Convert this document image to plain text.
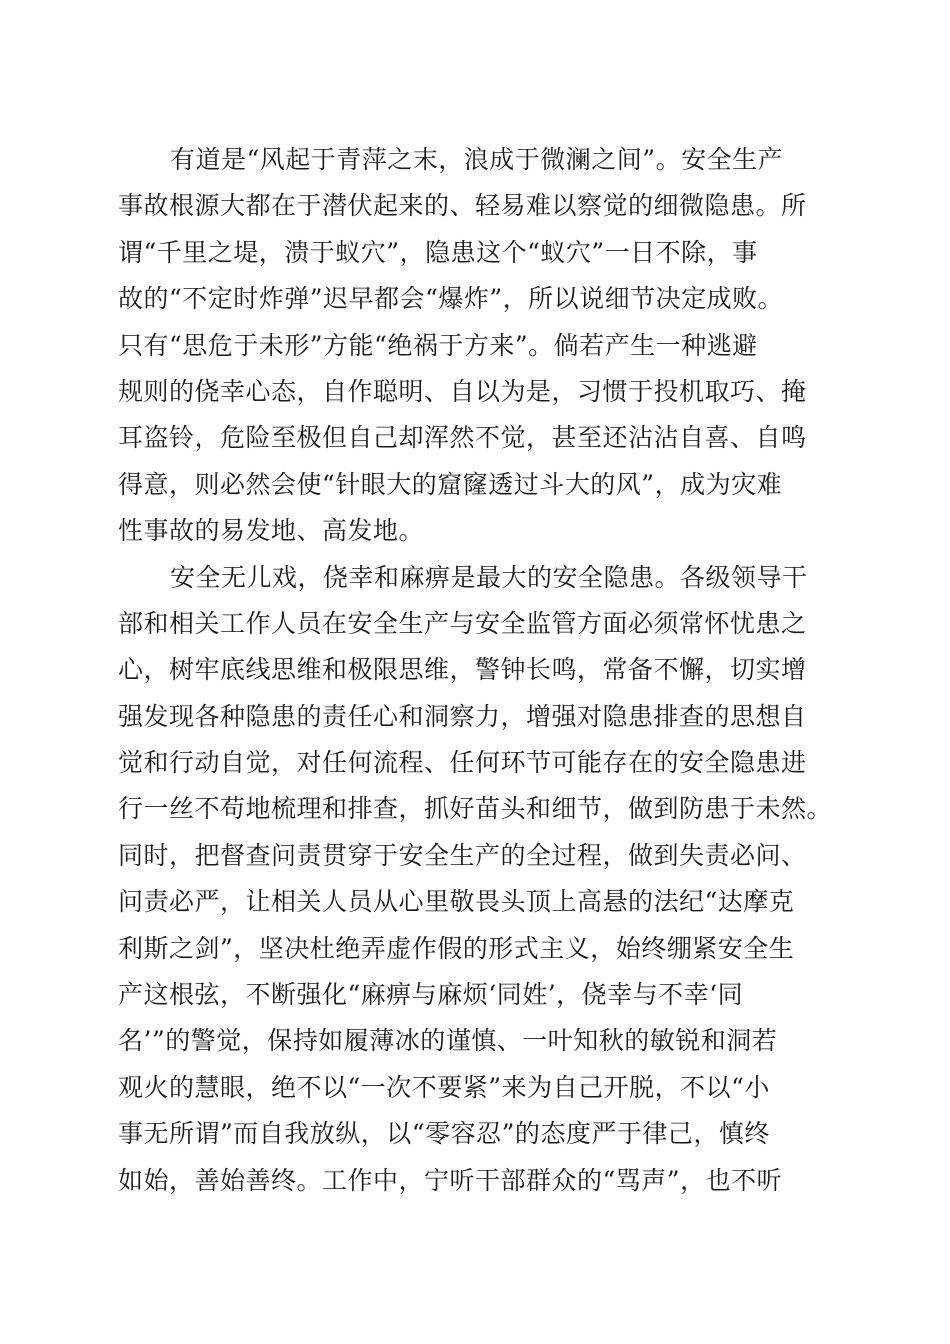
有道是“风起于青萍之末，浪成于微澜之间”。安全生产
事故根源大都在于潜伏起来的、轻易难以察觉的细微隐患。所
谓“千里之堤，溃于蚁穴”，隐患这个“蚁穴”一日不除，事
故的“不定时炸弹”迟早都会“爆炸”，所以说细节决定成败。
只有“思危于未形”方能“绝祸于方来”。倘若产生一种逃避
规则的侥幸心态，自作聪明、自以为是，习惯于投机取巧、掩
耳盗铃，危险至极但自己却浑然不觉，甚至还沾沾自喜、自鸣
得意，则必然会使“针眼大的窟窿透过斗大的风”，成为灾难
性事故的易发地、高发地。
安全无儿戏，侥幸和麻痹是最大的安全隐患。各级领导干
部和相关工作人员在安全生产与安全监管方面必须常怀忧患之
心，树牢底线思维和极限思维，警钟长鸣，常备不懈，切实增
强发现各种隐患的责任心和洞察力，增强对隐患排查的思想自
觉和行动自觉，对任何流程、任何环节可能存在的安全隐患进
行一丝不苟地梳理和排查，抓好苗头和细节，做到防患于未然。
同时，把督查问责贯穿于安全生产的全过程，做到失责必问、
问责必严，让相关人员从心里敬畏头顶上高悬的法纪“达摩克
利斯之剑”，坚决杜绝弄虚作假的形式主义，始终绷紧安全生
产这根弦，不断强化“麻痹与麻烦‘同姓’，侥幸与不幸‘同
名’”的警觉，保持如履薄冰的谨慎、一叶知秋的敏锐和洞若
观火的慧眼，绝不以“一次不要紧”来为自己开脱，不以“小
事无所谓”而自我放纵，以“零容忍”的态度严于律己，慎终
如始，善始善终。工作中，宁听干部群众的“骂声”，也不听
